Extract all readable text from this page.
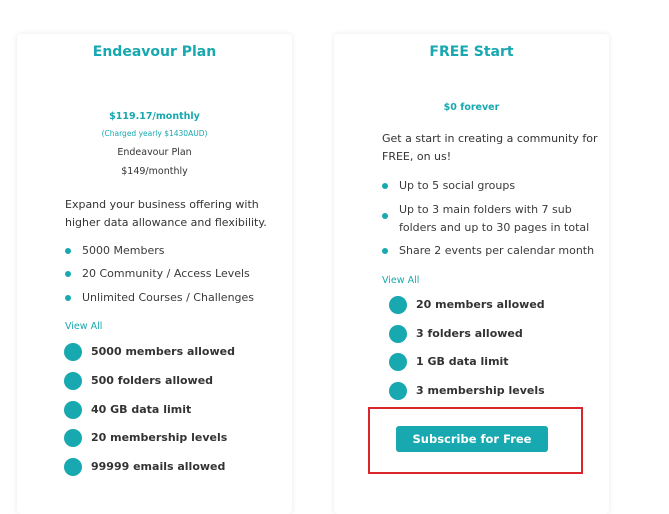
Endeavour Plan
$119.17/monthly
(Charged yearly $1430AUD)
Endeavour Plan
$149/monthly
Expand your business offering with higher data allowance and flexibility.
5000 Members
20 Community / Access Levels
Unlimited Courses / Challenges
View All
5000 members allowed
500 folders allowed
40 GB data limit
20 membership levels
99999 emails allowed
FREE Start
$0 forever
Get a start in creating a community for FREE, on us!
Up to 5 social groups
Up to 3 main folders with 7 sub folders and up to 30 pages in total
Share 2 events per calendar month
View All
20 members allowed
3 folders allowed
1 GB data limit
3 membership levels
Subscribe for Free
